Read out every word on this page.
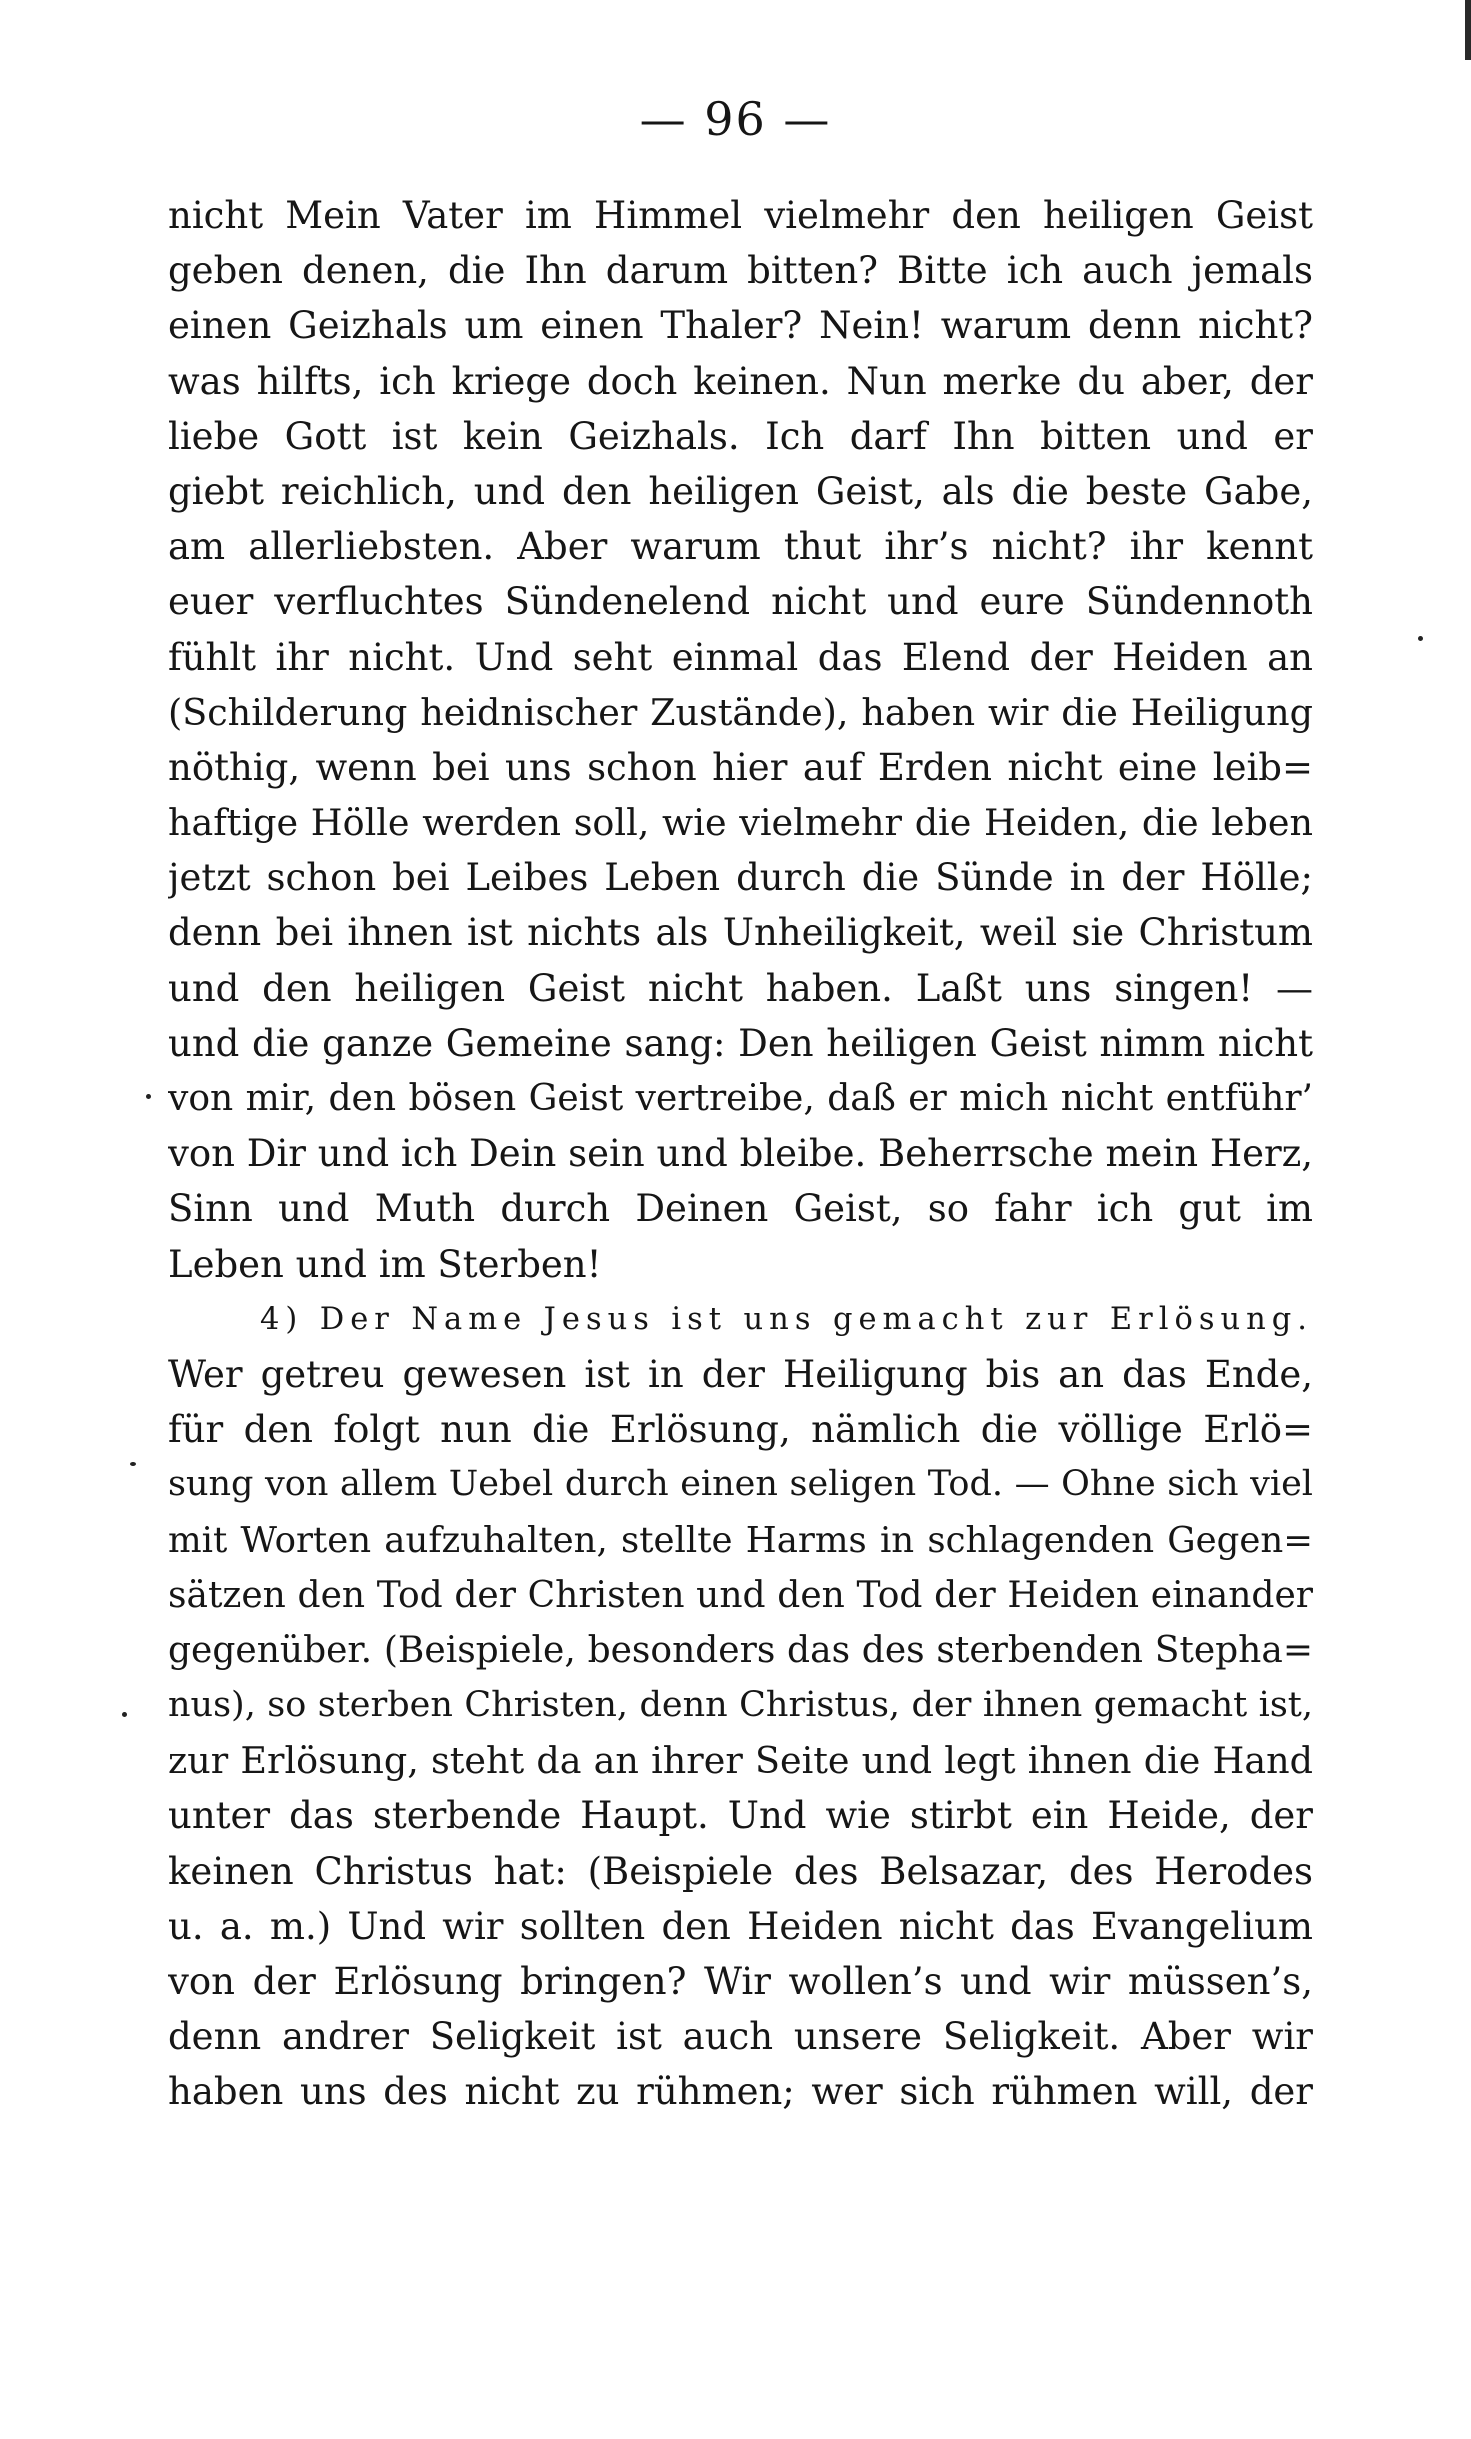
— 96 —
nicht Mein Vater im Himmel vielmehr den heiligen Geist
geben denen, die Ihn darum bitten? Bitte ich auch jemals
einen Geizhals um einen Thaler? Nein! warum denn nicht?
was hilfts, ich kriege doch keinen. Nun merke du aber, der
liebe Gott ist kein Geizhals. Ich darf Ihn bitten und er
giebt reichlich, und den heiligen Geist, als die beste Gabe,
am allerliebsten. Aber warum thut ihr’s nicht? ihr kennt
euer verfluchtes Sündenelend nicht und eure Sündennoth
fühlt ihr nicht. Und seht einmal das Elend der Heiden an
(Schilderung heidnischer Zustände), haben wir die Heiligung
nöthig, wenn bei uns schon hier auf Erden nicht eine leib=
haftige Hölle werden soll, wie vielmehr die Heiden, die leben
jetzt schon bei Leibes Leben durch die Sünde in der Hölle;
denn bei ihnen ist nichts als Unheiligkeit, weil sie Christum
und den heiligen Geist nicht haben. Laßt uns singen! —
und die ganze Gemeine sang: Den heiligen Geist nimm nicht
von mir, den bösen Geist vertreibe, daß er mich nicht entführ’
von Dir und ich Dein sein und bleibe. Beherrsche mein Herz,
Sinn und Muth durch Deinen Geist, so fahr ich gut im
Leben und im Sterben!
4) Der Name Jesus ist uns gemacht zur Erlösung.
Wer getreu gewesen ist in der Heiligung bis an das Ende,
für den folgt nun die Erlösung, nämlich die völlige Erlö=
sung von allem Uebel durch einen seligen Tod. — Ohne sich viel
mit Worten aufzuhalten, stellte Harms in schlagenden Gegen=
sätzen den Tod der Christen und den Tod der Heiden einander
gegenüber. (Beispiele, besonders das des sterbenden Stepha=
nus), so sterben Christen, denn Christus, der ihnen gemacht ist,
zur Erlösung, steht da an ihrer Seite und legt ihnen die Hand
unter das sterbende Haupt. Und wie stirbt ein Heide, der
keinen Christus hat: (Beispiele des Belsazar, des Herodes
u. a. m.) Und wir sollten den Heiden nicht das Evangelium
von der Erlösung bringen? Wir wollen’s und wir müssen’s,
denn andrer Seligkeit ist auch unsere Seligkeit. Aber wir
haben uns des nicht zu rühmen; wer sich rühmen will, der
